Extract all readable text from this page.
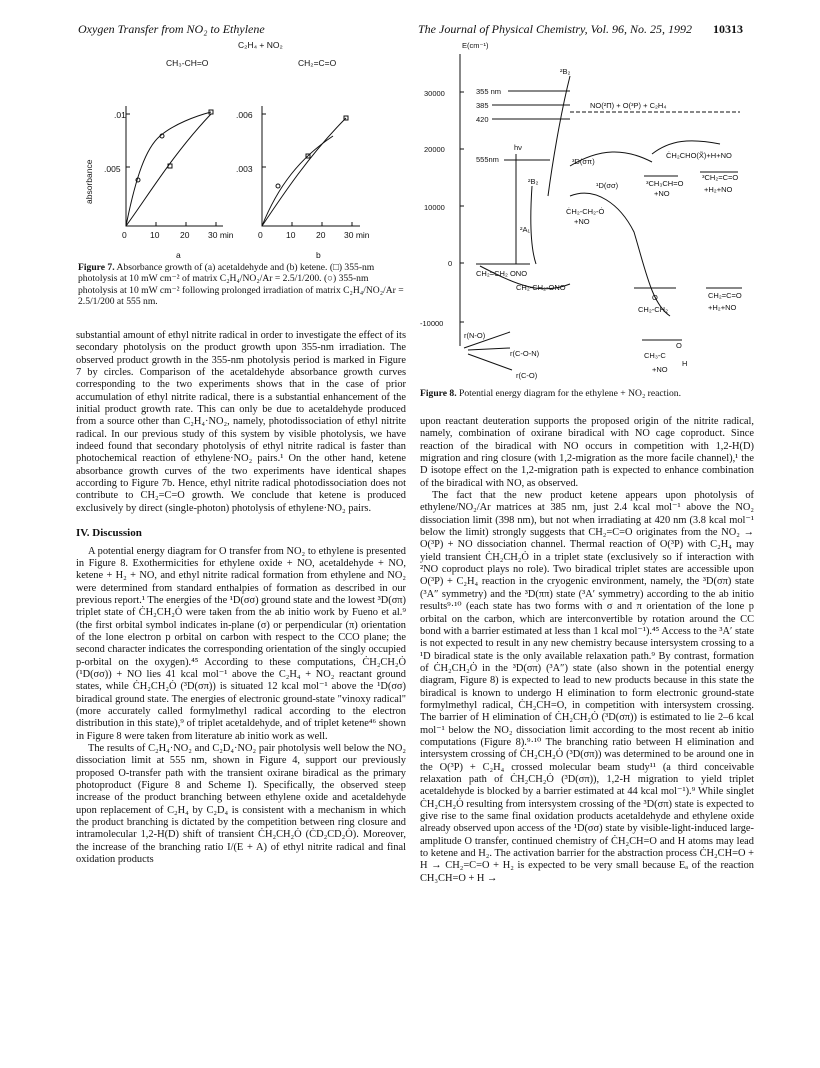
Oxygen Transfer from NO₂ to Ethylene	The Journal of Physical Chemistry, Vol. 96, No. 25, 1992 10313
C₂H₄ + NO₂
CH₃-CH=O	CH₂=C=O
absorbance
.01
.005
.006
.003
0	10 20 30 min	0	10 20 30 min
a	b
Figure 7. Absorbance growth of (a) acetaldehyde and (b) ketene. (□) 355-nm photolysis at 10 mW cm⁻² of matrix C₂H₄/NO₂/Ar = 2.5/1/200. (○) 355-nm photolysis at 10 mW cm⁻² following prolonged irradiation of matrix C₂H₄/NO₂/Ar = 2.5/1/200 at 555 nm.
E(cm⁻¹)
30000
20000
10000
0
-10000
355 nm
385
420
555nm
hν
²B₂
²B₂
²A₁
NO(²Π) + O(³P) + C₂H₄
³D(σπ)
¹D(σσ)
ĊH₂CHO(X̃)+H+NO
³CH₃CH=O
+NO
³CH₂=C=O
+H₂+NO
ĊH₂-CH₂-Ȯ
+NO
CH₂=CH₂ ONO
ĊH₂-CH₂-ONO
CH₂=C=O
+H₂+NO
O
CH₂-CH₂
O
CH₃-C
H
+NO
r(N-O)
r(C-O-N)
r(C-O)
Figure 8. Potential energy diagram for the ethylene + NO₂ reaction.

substantial amount of ethyl nitrite radical in order to investigate the effect of its secondary photolysis on the product growth upon 355-nm irradiation. The observed product growth in the 355-nm photolysis period is marked in Figure 7 by circles. Comparison of the acetaldehyde absorbance growth curves corresponding to the two experiments shows that in the case of prior accumulation of ethyl nitrite radical, there is a substantial enhancement of the initial product growth rate. This can only be due to acetaldehyde produced from a source other than C₂H₄·NO₂, namely, photodissociation of ethyl nitrite radical. In our previous study of this system by visible photolysis, we have indeed found that secondary photolysis of ethyl nitrite radical is faster than photochemical reaction of ethylene·NO₂ pairs.¹ On the other hand, ketene absorbance growth curves of the two experiments have identical shapes according to Figure 7b. Hence, ethyl nitrite radical photodissociation does not contribute to CH₂=C=O growth. We conclude that ketene is produced exclusively by direct (single-photon) photolysis of ethylene·NO₂ pairs.

IV. Discussion

A potential energy diagram for O transfer from NO₂ to ethylene is presented in Figure 8. Exothermicities for ethylene oxide + NO, acetaldehyde + NO, ketene + H₂ + NO, and ethyl nitrite radical formation from ethylene and NO₂ were determined from standard enthalpies of formation as described in our previous report.¹ The energies of the ¹D(σσ) ground state and the lowest ³D(σπ) triplet state of ĊH₂CH₂Ȯ were taken from the ab initio work by Fueno et al.⁹ (the first orbital symbol indicates in-plane (σ) or perpendicular (π) orientation of the lone electron p orbital on carbon with respect to the CCO plane; the second character indicates the corresponding orientation of the singly occupied p-orbital on the oxygen).⁴⁵ According to these computations, ĊH₂CH₂Ȯ (¹D(σσ)) + NO lies 41 kcal mol⁻¹ above the C₂H₄ + NO₂ reactant ground states, while ĊH₂CH₂Ȯ (³D(σπ)) is situated 12 kcal mol⁻¹ above the ¹D(σσ) biradical ground state. The energies of electronic ground-state "vinoxy radical" (more accurately called formylmethyl radical according to the electron distribution in this state),⁹ of triplet acetaldehyde, and of triplet ketene⁴⁶ shown in Figure 8 were taken from literature ab initio work as well.

The results of C₂H₄·NO₂ and C₂D₄·NO₂ pair photolysis well below the NO₂ dissociation limit at 555 nm, shown in Figure 4, support our previously proposed O-transfer path with the transient oxirane biradical as the primary photoproduct (Figure 8 and Scheme I). Specifically, the observed steep increase of the product branching between ethylene oxide and acetaldehyde upon replacement of C₂H₄ by C₂D₄ is consistent with a mechanism in which the product branching is dictated by the competition between ring closure and intramolecular 1,2-H(D) shift of transient ĊH₂CH₂Ȯ (ĊD₂CD₂Ȯ). Moreover, the increase of the branching ratio I/(E + A) of ethyl nitrite radical and final oxidation products

upon reactant deuteration supports the proposed origin of the nitrite radical, namely, combination of oxirane biradical with NO cage coproduct. Since reaction of the biradical with NO occurs in competition with 1,2-H(D) migration and ring closure (with 1,2-migration as the more facile channel),¹ the D isotope effect on the 1,2-migration path is expected to enhance combination of the biradical with NO, as observed.

The fact that the new product ketene appears upon photolysis of ethylene/NO₂/Ar matrices at 385 nm, just 2.4 kcal mol⁻¹ above the NO₂ dissociation limit (398 nm), but not when irradiating at 420 nm (3.8 kcal mol⁻¹ below the limit) strongly suggests that CH₂=C=O originates from the NO₂ → O(³P) + NO dissociation channel. Thermal reaction of O(³P) with C₂H₄ may yield transient ĊH₂CH₂Ȯ in a triplet state (exclusively so if interaction with ²NO coproduct plays no role). Two biradical triplet states are accessible upon O(³P) + C₂H₄ reaction in the cryogenic environment, namely, the ³D(σπ) state (³A″ symmetry) and the ³D(ππ) state (³A′ symmetry) according to the ab initio results⁹·¹⁰ (each state has two forms with σ and π orientation of the lone p orbital on the carbon, which are interconvertible by rotation around the CC bond with a barrier estimated at less than 1 kcal mol⁻¹).⁴⁵ Access to the ³A′ state is not expected to result in any new chemistry because intersystem crossing to a ¹D biradical state is the only available relaxation path.⁹ By contrast, formation of ĊH₂CH₂Ȯ in the ³D(σπ) (³A″) state (also shown in the potential energy diagram, Figure 8) is expected to lead to new products because in this state the biradical is known to undergo H elimination to form electronic ground-state formylmethyl radical, ĊH₂CH=O, in competition with intersystem crossing. The barrier of H elimination of ĊH₂CH₂Ȯ (³D(σπ)) is estimated to lie 2–6 kcal mol⁻¹ below the NO₂ dissociation limit according to the most recent ab initio computations (Figure 8).⁹·¹⁰ The branching ratio between H elimination and intersystem crossing of ĊH₂CH₂Ȯ (³D(σπ)) was determined to be around one in the O(³P) + C₂H₄ crossed molecular beam study¹¹ (a third conceivable relaxation path of ĊH₂CH₂Ȯ (³D(σπ)), 1,2-H migration to yield triplet acetaldehyde is blocked by a barrier estimated at 44 kcal mol⁻¹).⁹ While singlet ĊH₂CH₂Ȯ resulting from intersystem crossing of the ³D(σπ) state is expected to give rise to the same final oxidation products acetaldehyde and ethylene oxide already observed upon access of the ¹D(σσ) state by visible-light-induced large-amplitude O transfer, continued chemistry of ĊH₂CH=O and H atoms may lead to ketene and H₂. The activation barrier for the abstraction process ĊH₂CH=O + H → CH₂=C=O + H₂ is expected to be very small because Eₐ of the reaction CH₃CH=O + H →
